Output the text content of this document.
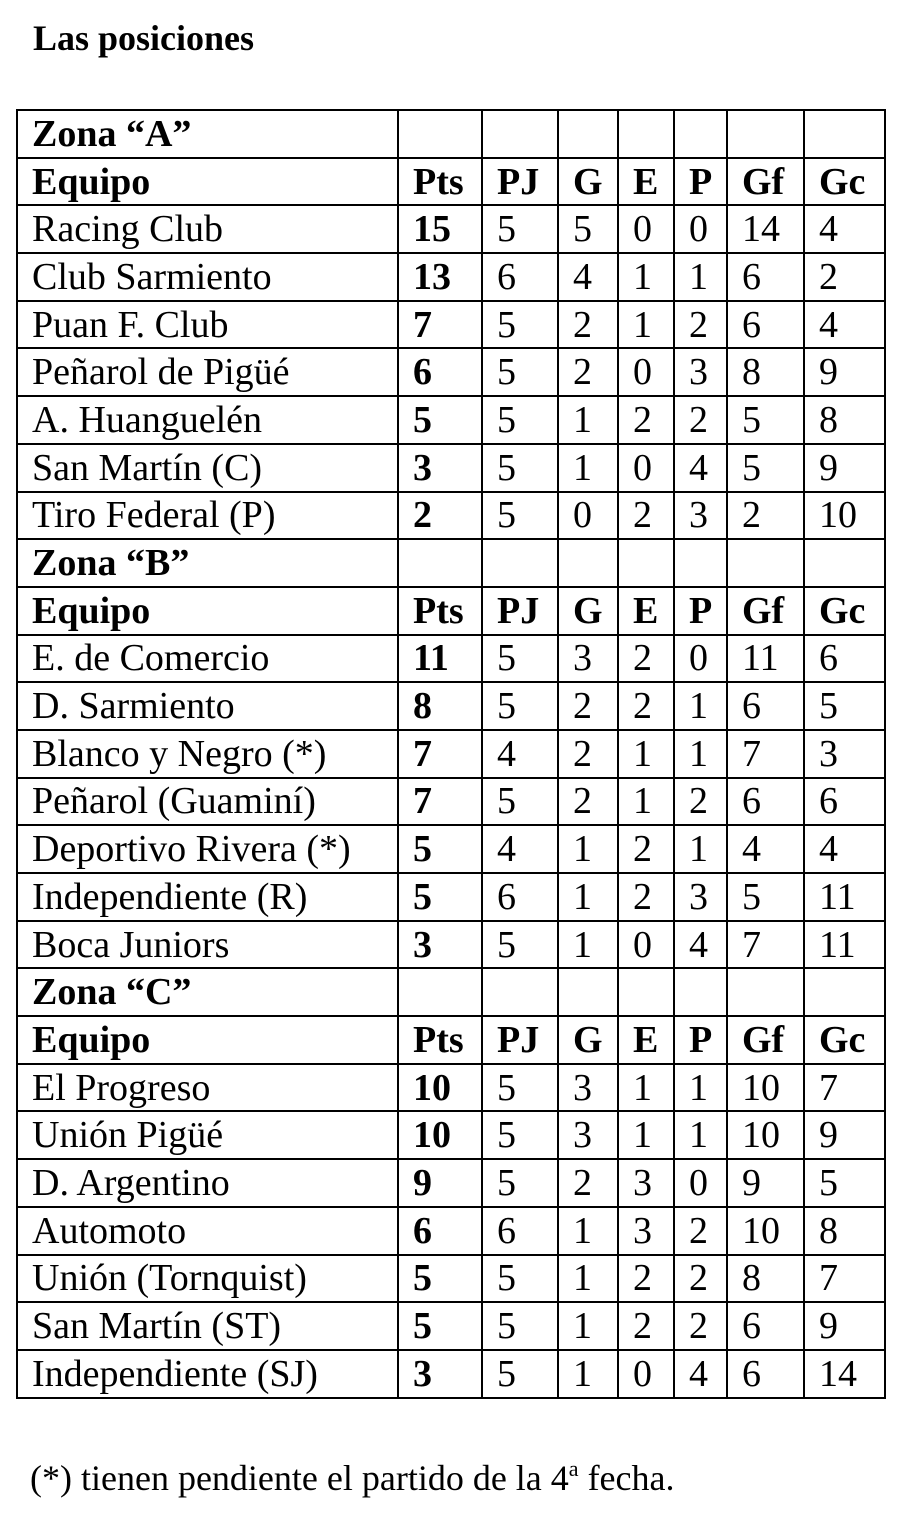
Las posiciones
Zona “A”							
Equipo	Pts	PJ	G	E	P	Gf	Gc
Racing Club	15	5	5	0	0	14	4
Club Sarmiento	13	6	4	1	1	6	2
Puan F. Club	7	5	2	1	2	6	4
Peñarol de Pigüé	6	5	2	0	3	8	9
A. Huanguelén	5	5	1	2	2	5	8
San Martín (C)	3	5	1	0	4	5	9
Tiro Federal (P)	2	5	0	2	3	2	10
Zona “B”							
Equipo	Pts	PJ	G	E	P	Gf	Gc
E. de Comercio	11	5	3	2	0	11	6
D. Sarmiento	8	5	2	2	1	6	5
Blanco y Negro (*)	7	4	2	1	1	7	3
Peñarol (Guaminí)	7	5	2	1	2	6	6
Deportivo Rivera (*)	5	4	1	2	1	4	4
Independiente (R)	5	6	1	2	3	5	11
Boca Juniors	3	5	1	0	4	7	11
Zona “C”							
Equipo	Pts	PJ	G	E	P	Gf	Gc
El Progreso	10	5	3	1	1	10	7
Unión Pigüé	10	5	3	1	1	10	9
D. Argentino	9	5	2	3	0	9	5
Automoto	6	6	1	3	2	10	8
Unión (Tornquist)	5	5	1	2	2	8	7
San Martín (ST)	5	5	1	2	2	6	9
Independiente (SJ)	3	5	1	0	4	6	14
(*) tienen pendiente el partido de la 4$^a$ fecha.
